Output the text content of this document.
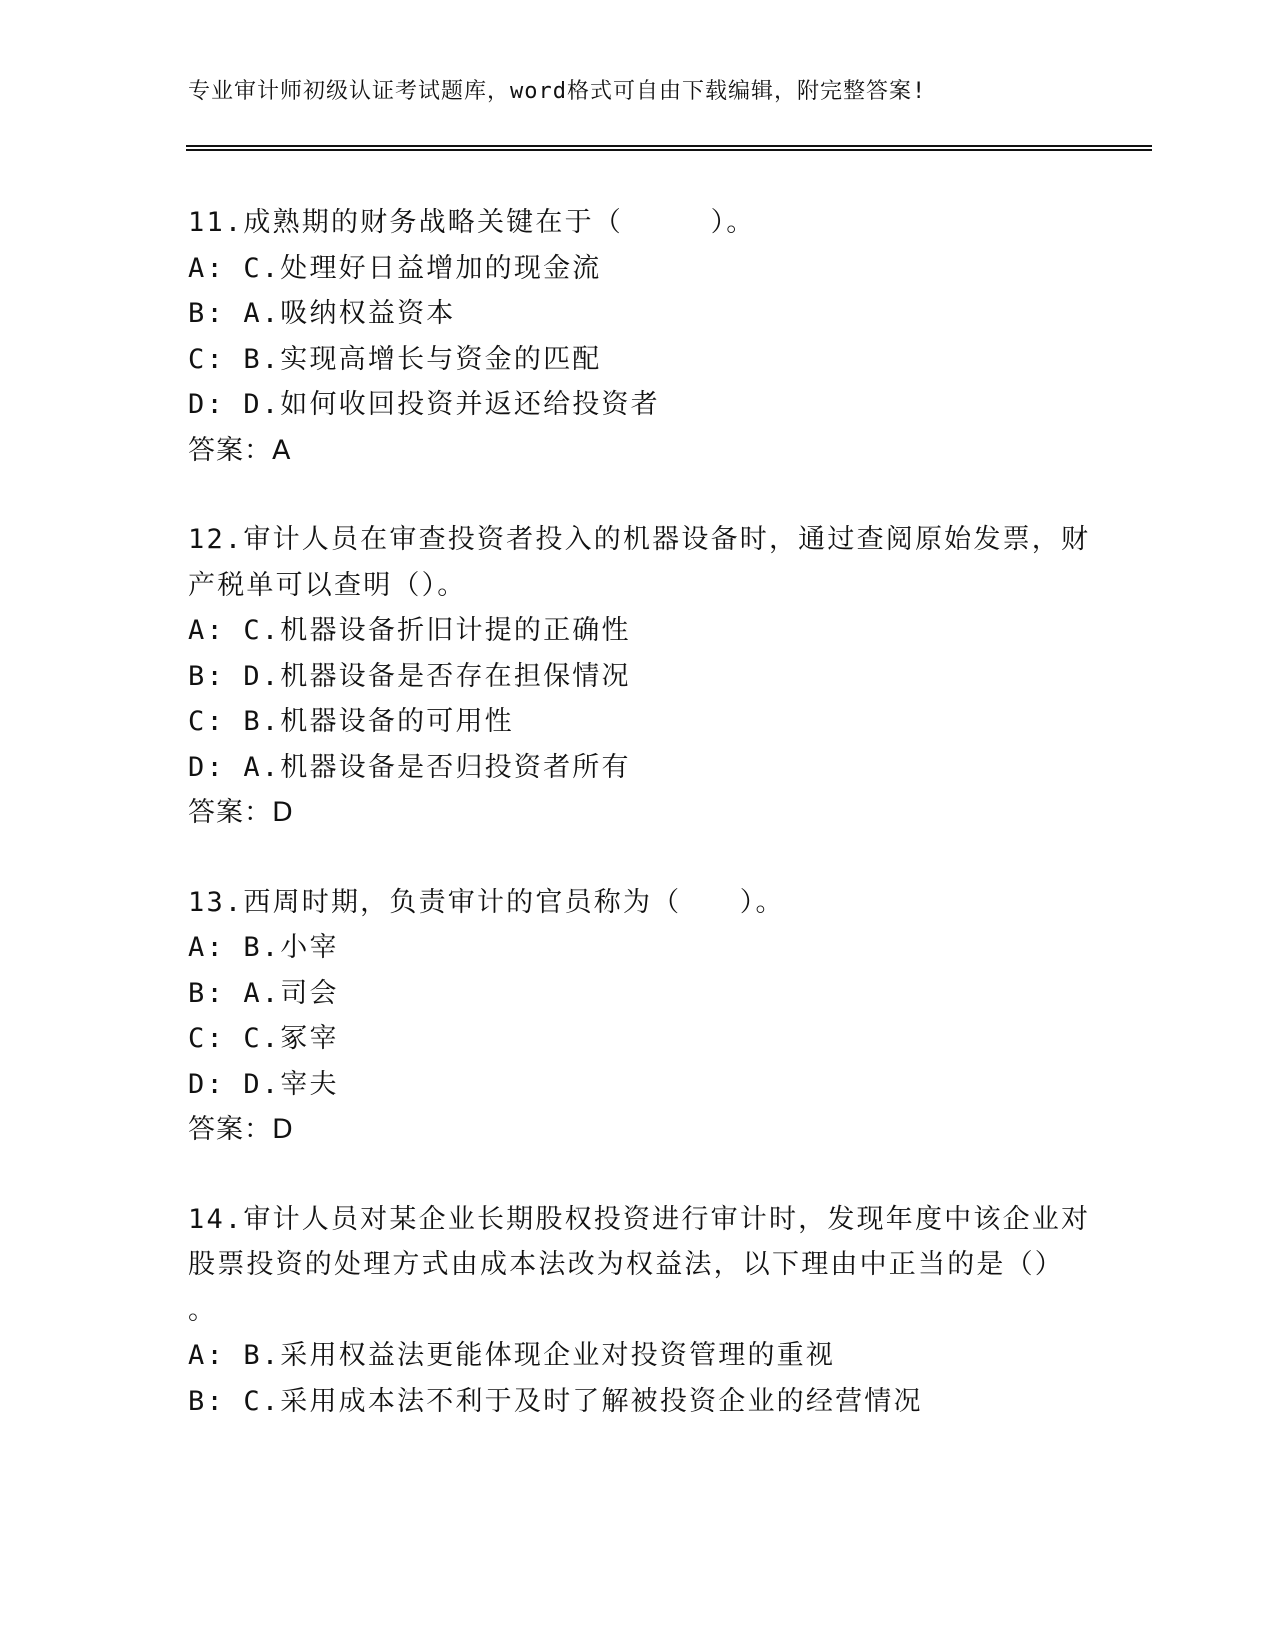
专业审计师初级认证考试题库，word格式可自由下载编辑，附完整答案!
11.成熟期的财务战略关键在于（　　　）。
A: C.处理好日益增加的现金流
B: A.吸纳权益资本
C: B.实现高增长与资金的匹配
D: D.如何收回投资并返还给投资者
答案：A
12.审计人员在审查投资者投入的机器设备时，通过查阅原始发票，财
产税单可以查明（）。
A: C.机器设备折旧计提的正确性
B: D.机器设备是否存在担保情况
C: B.机器设备的可用性
D: A.机器设备是否归投资者所有
答案：D
13.西周时期，负责审计的官员称为（　　）。
A: B.小宰
B: A.司会
C: C.冢宰
D: D.宰夫
答案：D
14.审计人员对某企业长期股权投资进行审计时，发现年度中该企业对
股票投资的处理方式由成本法改为权益法，以下理由中正当的是（）
。
A: B.采用权益法更能体现企业对投资管理的重视
B: C.采用成本法不利于及时了解被投资企业的经营情况
